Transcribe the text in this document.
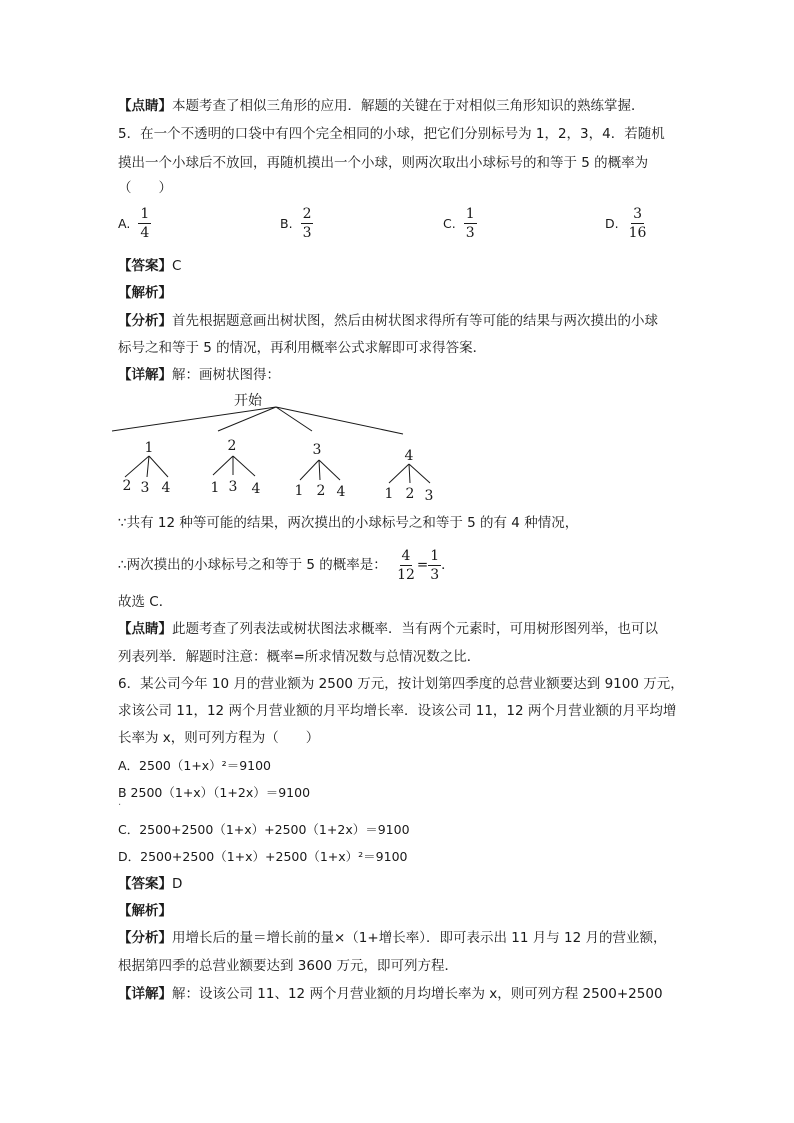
【点睛】本题考查了相似三角形的应用．解题的关键在于对相似三角形知识的熟练掌握．
5．在一个不透明的口袋中有四个完全相同的小球，把它们分别标号为 1，2，3，4．若随机
摸出一个小球后不放回，再随机摸出一个小球，则两次取出小球标号的和等于 5 的概率为
（　　）
A. $\frac{1}{4}$	B. $\frac{2}{3}$	C. $\frac{1}{3}$	D. $\frac{3}{16}$
【答案】C
【解析】
【分析】首先根据题意画出树状图，然后由树状图求得所有等可能的结果与两次摸出的小球
标号之和等于 5 的情况，再利用概率公式求解即可求得答案．
【详解】解：画树状图得：
开始
1
2 3 4
2
1 3 4
3
1 2 4
4
1 2 3
∵共有 12 种等可能的结果，两次摸出的小球标号之和等于 5 的有 4 种情况，
∴两次摸出的小球标号之和等于 5 的概率是： $\frac{4}{12} = \frac{1}{3}$ ．
故选 C．
【点睛】此题考查了列表法或树状图法求概率．当有两个元素时，可用树形图列举，也可以
列表列举．解题时注意：概率=所求情况数与总情况数之比．
6．某公司今年 10 月的营业额为 2500 万元，按计划第四季度的总营业额要达到 9100 万元，
求该公司 11，12 两个月营业额的月平均增长率．设该公司 11，12 两个月营业额的月平均增
长率为 x，则可列方程为（　　）
A．2500（1+x）²＝9100
B 2500（1+x）（1+2x）＝9100
·
C．2500+2500（1+x）+2500（1+2x）＝9100
D．2500+2500（1+x）+2500（1+x）²＝9100
【答案】D
【解析】
【分析】用增长后的量＝增长前的量×（1+增长率）．即可表示出 11 月与 12 月的营业额，
根据第四季的总营业额要达到 3600 万元，即可列方程．
【详解】解：设该公司 11、12 两个月营业额的月均增长率为 x，则可列方程 2500+2500
